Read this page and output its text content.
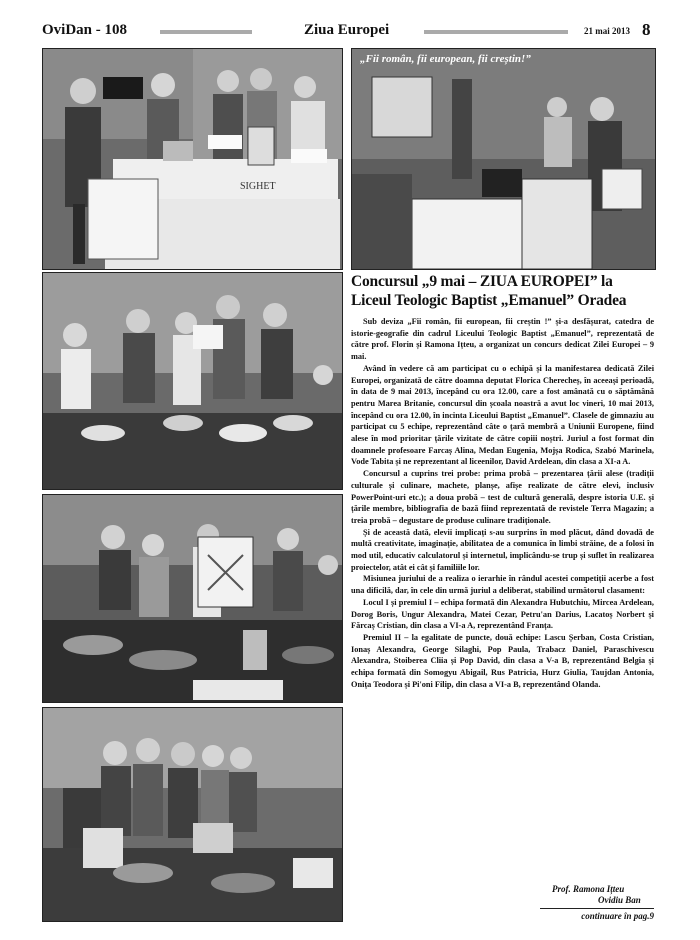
OviDan - 108	Ziua Europei	21 mai 2013 8
SIGHET
„Fii român, fii european, fii creștin!”
Concursul „9 mai – ZIUA EUROPEI” la Liceul Teologic Baptist „Emanuel” Oradea

Sub deviza „Fii român, fii european, fii creștin !” și-a desfășurat, catedra de istorie-geografie din cadrul Liceului Teologic Baptist „Emanuel”, reprezentată de către prof. Florin și Ramona Ițteu, a organizat un concurs dedicat Zilei Europei – 9 mai.

Având în vedere că am participat cu o echipă și la manifestarea dedicată Zilei Europei, organizată de către doamna deputat Florica Cherecheș, în aceeași perioadă, în data de 9 mai 2013, începând cu ora 12.00, care a fost amânată cu o săptămână pentru Marea Britanie, concursul din școala noastră a avut loc vineri, 10 mai 2013, începând cu ora 12.00, în incinta Liceului Baptist „Emanuel”. Clasele de gimnaziu au participat cu 5 echipe, reprezentând câte o țară membră a Uniunii Europene, fiind alese în mod prioritar țările vizitate de către copiii noștri. Juriul a fost format din doamnele profesoare Farcaș Alina, Medan Eugenia, Mojșa Rodica, Szabó Marinela, Vode Tabita și ne reprezentant al liceenilor, David Ardelean, din clasa a XI-a A.

Concursul a cuprins trei probe: prima probă – prezentarea țării alese (tradiții culturale și culinare, machete, planșe, afișe realizate de către elevi, inclusiv PowerPoint-uri etc.); a doua probă – test de cultură generală, despre istoria U.E. și țările membre, bibliografia de bază fiind reprezentată de revistele Terra Magazin; a treia probă – degustare de produse culinare tradiționale.

Și de această dată, elevii implicați s-au surprins în mod plăcut, dând dovadă de multă creativitate, imaginație, abilitatea de a comunica în limbi străine, de a folosi în mod util, educativ calculatorul și internetul, implicându-se trup și suflet în realizarea proiectelor, atât ei cât și familiile lor.

Misiunea juriului de a realiza o ierarhie în rândul acestei competiții acerbe a fost una dificilă, dar, în cele din urmă juriul a deliberat, stabilind următorul clasament:

Locul I și premiul I – echipa formată din Alexandra Hubutchiu, Mircea Ardelean, Dorog Boris, Ungur Alexandra, Matei Cezar, Petru'an Darius, Lacatoș Norbert și Fărcaș Cristian, din clasa a VI-a A, reprezentând Franța.

Premiul II – la egalitate de puncte, două echipe: Lascu Șerban, Costa Cristian, Ionaș Alexandra, George Silaghi, Pop Paula, Trabacz Daniel, Paraschivescu Alexandra, Stoiberea Cliia și Pop David, din clasa a V-a B, reprezentând Belgia și echipa formată din Somogyu Abigail, Rus Patricia, Hurz Giulia, Taujdan Antonia, Onița Teodora și Pi'oni Filip, din clasa a VI-a B, reprezentând Olanda.

Prof. Ramona Ițteu
Ovidiu Ban
continuare în pag.9
